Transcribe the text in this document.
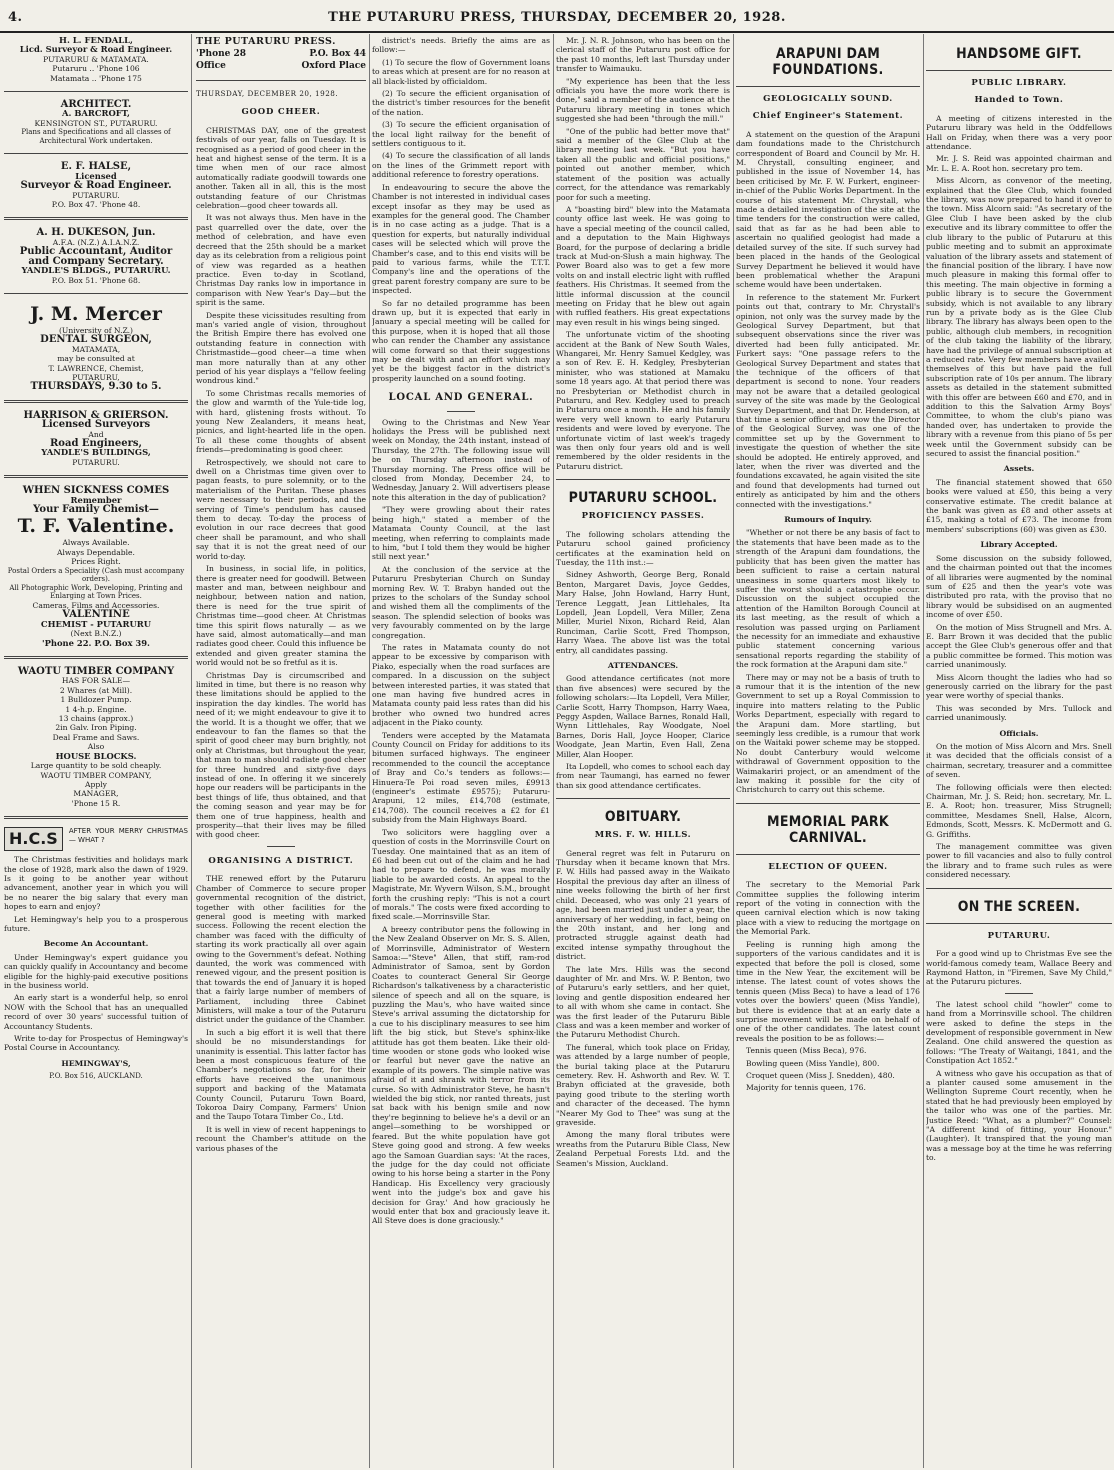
4.	THE PUTARURU PRESS, THURSDAY, DECEMBER 20, 1928.
H. L. FENDALL,
Licd. Surveyor & Road Engineer.
PUTARURU & MATAMATA.
Putaruru .. 'Phone 106
Matamata .. 'Phone 175
ARCHITECT.
A. BARCROFT,
KENSINGTON ST., PUTARURU.
Plans and Specifications and all classes of Architectural Work undertaken.
E. F. HALSE,
Licensed
Surveyor & Road Engineer.
PUTARURU.
P.O. Box 47. 'Phone 48.
A. H. DUKESON, Jun.
A.F.A. (N.Z.) A.I.A.N.Z.
Public Accountant, Auditor
and Company Secretary.
YANDLE'S BLDGS., PUTARURU.
P.O. Box 51. 'Phone 68.
J. M. Mercer
(University of N.Z.)
DENTAL SURGEON,
MATAMATA,
may be consulted at
T. LAWRENCE, Chemist,
PUTARURU,
THURSDAYS, 9.30 to 5.
HARRISON & GRIERSON.
Licensed Surveyors
And
Road Engineers,
YANDLE'S BUILDINGS,
PUTARURU.
WHEN SICKNESS COMES
Remember
Your Family Chemist—
T. F. Valentine.
Always Available.
Always Dependable.
Prices Right.
Postal Orders a Speciality (Cash must accompany orders).
All Photographic Work, Developing, Printing and Enlarging at Town Prices.
Cameras, Films and Accessories.
VALENTINE
CHEMIST - PUTARURU
(Next B.N.Z.)
'Phone 22. P.O. Box 39.
WAOTU TIMBER COMPANY
HAS FOR SALE—
2 Whares (at Mill).
1 Bulldozer Pump.
1 4-h.p. Engine.
13 chains (approx.)
2in Galv. Iron Piping.
Deal Frame and Saws.
Also
HOUSE BLOCKS.
Large quantity to be sold cheaply.
WAOTU TIMBER COMPANY,
Apply
MANAGER,
'Phone 15 R.
H.C.S	AFTER YOUR MERRY CHRISTMAS— WHAT ?

The Christmas festivities and holidays mark the close of 1928, mark also the dawn of 1929. Is it going to be another year without advancement, another year in which you will be no nearer the big salary that every man hopes to earn and enjoy?

Let Hemingway's help you to a prosperous future.

Become An Accountant.

Under Hemingway's expert guidance you can quickly qualify in Accountancy and become eligible for the highly-paid executive positions in the business world.

An early start is a wonderful help, so enrol NOW with the School that has an unequalled record of over 30 years' successful tuition of Accountancy Students.

Write to-day for Prospectus of Hemingway's Postal Course in Accountancy.

HEMINGWAY'S,
P.O. Box 516, AUCKLAND.
THE PUTARURU PRESS.
'Phone 28	P.O. Box 44
Office	Oxford Place
THURSDAY, DECEMBER 20, 1928.
GOOD CHEER.

CHRISTMAS DAY, one of the greatest festivals of our year, falls on Tuesday. It is recognised as a period of good cheer in the heat and highest sense of the term. It is a time when men of our race almost automatically radiate goodwill towards one another. Taken all in all, this is the most outstanding feature of our Christmas celebration—good cheer towards all.

It was not always thus. Men have in the past quarrelled over the date, over the method of celebration, and have even decreed that the 25th should be a market day as its celebration from a religious point of view was regarded as a heathen practice. Even to-day in Scotland, Christmas Day ranks low in importance in comparison with New Year's Day—but the spirit is the same.

Despite these vicissitudes resulting from man's varied angle of vision, throughout the British Empire there has evolved one outstanding feature in connection with Christmastide—good cheer—a time when man more naturally than at any other period of his year displays a "fellow feeling wondrous kind."

To some Christmas recalls memories of the glow and warmth of the Yule-tide log, with hard, glistening frosts without. To young New Zealanders, it means heat, picnics, and light-hearted life in the open. To all these come thoughts of absent friends—predominating is good cheer.

Retrospectively, we should not care to dwell on a Christmas time given over to pagan feasts, to pure solemnity, or to the materialism of the Puritan. These phases were necessary to their periods, and the serving of Time's pendulum has caused them to decay. To-day the process of evolution in our race decrees that good cheer shall be paramount, and who shall say that it is not the great need of our world to-day.

In business, in social life, in politics, there is greater need for goodwill. Between master and man, between neighbour and neighbour, between nation and nation, there is need for the true spirit of Christmas time—good cheer. At Christmas time this spirit flows naturally — as we have said, almost automatically—and man radiates good cheer. Could this influence be extended and given greater stamina the world would not be so fretful as it is.

Christmas Day is circumscribed and limited in time, but there is no reason why these limitations should be applied to the inspiration the day kindles. The world has need of it; we might endeavour to give it to the world. It is a thought we offer, that we endeavour to fan the flames so that the spirit of good cheer may burn brightly, not only at Christmas, but throughout the year, that man to man should radiate good cheer for three hundred and sixty-five days instead of one. In offering it we sincerely hope our readers will be participants in the best things of life, thus obtained, and that the coming season and year may be for them one of true happiness, health and prosperity—that their lives may be filled with good cheer.

ORGANISING A DISTRICT.

THE renewed effort by the Putaruru Chamber of Commerce to secure proper governmental recognition of the district, together with other facilities for the general good is meeting with marked success. Following the recent election the chamber was faced with the difficulty of starting its work practically all over again owing to the Government's defeat. Nothing daunted, the work was commenced with renewed vigour, and the present position is that towards the end of January it is hoped that a fairly large number of members of Parliament, including three Cabinet Ministers, will make a tour of the Putaruru district under the guidance of the Chamber.

In such a big effort it is well that there should be no misunderstandings for unanimity is essential. This latter factor has been a most conspicuous feature of the Chamber's negotiations so far, for their efforts have received the unanimous support and backing of the Matamata County Council, Putaruru Town Board, Tokoroa Dairy Company, Farmers' Union and the Taupo Totara Timber Co., Ltd.

It is well in view of recent happenings to recount the Chamber's attitude on the various phases of the

district's needs. Briefly the aims are as follow:—

(1) To secure the flow of Government loans to areas which at present are for no reason at all black-listed by officialdom.

(2) To secure the efficient organisation of the district's timber resources for the benefit of the nation.

(3) To secure the efficient organisation of the local light railway for the benefit of settlers contiguous to it.

(4) To secure the classification of all lands on the lines of the Grimmett report with additional reference to forestry operations.

In endeavouring to secure the above the Chamber is not interested in individual cases except insofar as they may be used as examples for the general good. The Chamber is in no case acting as a judge. That is a question for experts, but naturally individual cases will be selected which will prove the Chamber's case, and to this end visits will be paid to various farms, while the T.T.T. Company's line and the operations of the great parent forestry company are sure to be inspected.

So far no detailed programme has been drawn up, but it is expected that early in January a special meeting will be called for this purpose, when it is hoped that all those who can render the Chamber any assistance will come forward so that their suggestions may be dealt with and an effort which may yet be the biggest factor in the district's prosperity launched on a sound footing.

LOCAL AND GENERAL.

Owing to the Christmas and New Year holidays the Press will be published next week on Monday, the 24th instant, instead of Thursday, the 27th. The following issue will be on Thursday afternoon instead of Thursday morning. The Press office will be closed from Monday, December 24, to Wednesday, January 2. Will advertisers please note this alteration in the day of publication?

"They were growling about their rates being high," stated a member of the Matamata County Council, at the last meeting, when referring to complaints made to him, "but I told them they would be higher still next year."

At the conclusion of the service at the Putaruru Presbyterian Church on Sunday morning Rev. W. T. Brabyn handed out the prizes to the scholars of the Sunday school and wished them all the compliments of the season. The splendid selection of books was very favourably commented on by the large congregation.

The rates in Matamata county do not appear to be excessive by comparison with Piako, especially when the road surfaces are compared. In a discussion on the subject between interested parties, it was stated that one man having five hundred acres in Matamata county paid less rates than did his brother who owned two hundred acres adjacent in the Piako county.

Tenders were accepted by the Matamata County Council on Friday for additions to its bitumen surfaced highways. The engineer recommended to the council the acceptance of Bray and Co.'s tenders as follows:—Hinuera-Te Poi road seven miles, £9913 (engineer's estimate £9575); Putaruru-Arapuni, 12 miles, £14,708 (estimate, £14,708). The council receives a £2 for £1 subsidy from the Main Highways Board.

Two solicitors were haggling over a question of costs in the Morrinsville Court on Tuesday. One maintained that as an item of £6 had been cut out of the claim and he had had to prepare to defend, he was morally liable to be awarded costs. An appeal to the Magistrate, Mr. Wyvern Wilson, S.M., brought forth the crushing reply: "This is not a court of morals." The costs were fixed according to fixed scale.—Morrinsville Star.

A breezy contributor pens the following in the New Zealand Observer on Mr. S. S. Allen, of Morrinsville, Administrator of Western Samoa:—"Steve" Allen, that stiff, ram-rod Administrator of Samoa, sent by Gordon Coates to counteract General Sir George Richardson's talkativeness by a characteristic silence of speech and all on the square, is puzzling the Mau's, who have waited since Steve's arrival assuming the dictatorship for a cue to his disciplinary measures to see him lift the big stick, but Steve's sphinx-like attitude has got them beaten. Like their old-time wooden or stone gods who looked wise or fearful but never gave the native an example of its powers. The simple native was afraid of it and shrank with terror from its curse. So with Administrator Steve, he hasn't wielded the big stick, nor ranted threats, just sat back with his benign smile and now they're beginning to believe he's a devil or an angel—something to be worshipped or feared. But the white population have got Steve going good and strong. A few weeks ago the Samoan Guardian says: 'At the races, the judge for the day could not officiate owing to his horse being a starter in the Pony Handicap. His Excellency very graciously went into the judge's box and gave his decision for Gray.' And how graciously he would enter that box and graciously leave it. All Steve does is done graciously."

Mr. J. N. R. Johnson, who has been on the clerical staff of the Putaruru post office for the past 10 months, left last Thursday under transfer to Waimauku.

"My experience has been that the less officials you have the more work there is done," said a member of the audience at the Putaruru library meeting in tones which suggested she had been "through the mill."

"One of the public had better move that" said a member of the Glee Club at the library meeting last week. "But you have taken all the public and official positions," pointed out another member, which statement of the position was actually correct, for the attendance was remarkably poor for such a meeting.

A "boasting bird" blew into the Matamata county office last week. He was going to have a special meeting of the council called, and a deputation to the Main Highways Board, for the purpose of declaring a bridle track at Mud-on-Slush a main highway. The Power Board also was to get a few more volts on and install electric light with ruffled feathers. His Christmas. It seemed from the little informal discussion at the council meeting on Friday that he blew out again with ruffled feathers. His great expectations may even result in his wings being singed.

The unfortunate victim of the shooting accident at the Bank of New South Wales, Whangarei, Mr. Henry Samuel Kedgley, was a son of Rev. E. H. Kedgley, Presbyterian minister, who was stationed at Mamaku some 18 years ago. At that period there was no Presbyterian or Methodist church in Putaruru, and Rev. Kedgley used to preach in Putaruru once a month. He and his family were very well known to early Putaruru residents and were loved by everyone. The unfortunate victim of last week's tragedy was then only four years old and is well remembered by the older residents in the Putaruru district.

PUTARURU SCHOOL.
PROFICIENCY PASSES.

The following scholars attending the Putaruru school gained proficiency certificates at the examination held on Tuesday, the 11th inst.:—

Sidney Ashworth, George Berg, Ronald Benton, Margaret Davis, Joyce Geddes, Mary Halse, John Howland, Harry Hunt, Terence Leggatt, Jean Littlehales, Ita Lopdell, Jean Lopdell, Vera Miller, Zena Miller, Muriel Nixon, Richard Reid, Alan Runciman, Carlie Scott, Fred Thompson, Harry Waea. The above list was the total entry, all candidates passing.

ATTENDANCES.

Good attendance certificates (not more than five absences) were secured by the following scholars:—Ita Lopdell, Vera Miller, Carlie Scott, Harry Thompson, Harry Waea, Peggy Aspden, Wallace Barnes, Ronald Hall, Wynn Littlehales, Ray Woodgate, Noel Barnes, Doris Hall, Joyce Hooper, Clarice Woodgate, Jean Martin, Even Hall, Zena Miller, Alan Hooper.

Ita Lopdell, who comes to school each day from near Taumangi, has earned no fewer than six good attendance certificates.

OBITUARY.
MRS. F. W. HILLS.

General regret was felt in Putaruru on Thursday when it became known that Mrs. F. W. Hills had passed away in the Waikato Hospital the previous day after an illness of nine weeks following the birth of her first child. Deceased, who was only 21 years of age, had been married just under a year, the anniversary of her wedding, in fact, being on the 20th instant, and her long and protracted struggle against death had excited intense sympathy throughout the district.

The late Mrs. Hills was the second daughter of Mr. and Mrs. W. P. Benton, two of Putaruru's early settlers, and her quiet, loving and gentle disposition endeared her to all with whom she came in contact. She was the first leader of the Putaruru Bible Class and was a keen member and worker of the Putaruru Methodist Church.

The funeral, which took place on Friday, was attended by a large number of people, the burial taking place at the Putaruru cemetery. Rev. H. Ashworth and Rev. W. T. Brabyn officiated at the graveside, both paying good tribute to the sterling worth and character of the deceased. The hymn "Nearer My God to Thee" was sung at the graveside.

Among the many floral tributes were wreaths from the Putaruru Bible Class, New Zealand Perpetual Forests Ltd. and the Seamen's Mission, Auckland.

ARAPUNI DAM FOUNDATIONS.
GEOLOGICALLY SOUND.
Chief Engineer's Statement.

A statement on the question of the Arapuni dam foundations made to the Christchurch correspondent of Board and Council by Mr. H. M. Chrystall, consulting engineer, and published in the issue of November 14, has been criticised by Mr. F. W. Furkert, engineer-in-chief of the Public Works Department. In the course of his statement Mr. Chrystall, who made a detailed investigation of the site at the time tenders for the construction were called, said that as far as he had been able to ascertain no qualified geologist had made a detailed survey of the site. If such survey had been placed in the hands of the Geological Survey Department he believed it would have been problematical whether the Arapuni scheme would have been undertaken.

In reference to the statement Mr. Furkert points out that, contrary to Mr. Chrystall's opinion, not only was the survey made by the Geological Survey Department, but that subsequent observations since the river was diverted had been fully anticipated. Mr. Furkert says: "One passage refers to the Geological Survey Department and states that the technique of the officers of that department is second to none. Your readers may not be aware that a detailed geological survey of the site was made by the Geological Survey Department, and that Dr. Henderson, at that time a senior officer and now the Director of the Geological Survey, was one of the committee set up by the Government to investigate the question of whether the site should be adopted. He entirely approved, and later, when the river was diverted and the foundations excavated, he again visited the site and found that developments had turned out entirely as anticipated by him and the others connected with the investigations."

Rumours of Inquiry.

"Whether or not there be any basis of fact to the statements that have been made as to the strength of the Arapuni dam foundations, the publicity that has been given the matter has been sufficient to raise a certain natural uneasiness in some quarters most likely to suffer the worst should a catastrophe occur. Discussion on the subject occupied the attention of the Hamilton Borough Council at its last meeting, as the result of which a resolution was passed urging on Parliament the necessity for an immediate and exhaustive public statement concerning various sensational reports regarding the stability of the rock formation at the Arapuni dam site."

There may or may not be a basis of truth to a rumour that it is the intention of the new Government to set up a Royal Commission to inquire into matters relating to the Public Works Department, especially with regard to the Arapuni dam. More startling, but seemingly less credible, is a rumour that work on the Waitaki power scheme may be stopped. No doubt Canterbury would welcome withdrawal of Government opposition to the Waimakariri project, or an amendment of the law making it possible for the city of Christchurch to carry out this scheme.

MEMORIAL PARK CARNIVAL.
ELECTION OF QUEEN.

The secretary to the Memorial Park Committee supplies the following interim report of the voting in connection with the queen carnival election which is now taking place with a view to reducing the mortgage on the Memorial Park.

Feeling is running high among the supporters of the various candidates and it is expected that before the poll is closed, some time in the New Year, the excitement will be intense. The latest count of votes shows the tennis queen (Miss Beca) to have a lead of 176 votes over the bowlers' queen (Miss Yandle), but there is evidence that at an early date a surprise movement will be made on behalf of one of the other candidates. The latest count reveals the position to be as follows:—

Tennis queen (Miss Beca), 976.

Bowling queen (Miss Yandle), 800.

Croquet queen (Miss J. Snedden), 480.

Majority for tennis queen, 176.

HANDSOME GIFT.
PUBLIC LIBRARY.
Handed to Town.

A meeting of citizens interested in the Putaruru library was held in the Oddfellows Hall on Friday, when there was a very poor attendance.

Mr. J. S. Reid was appointed chairman and Mr. L. E. A. Root hon. secretary pro tem.

Miss Alcorn, as convenor of the meeting, explained that the Glee Club, which founded the library, was now prepared to hand it over to the town. Miss Alcorn said: "As secretary of the Glee Club I have been asked by the club executive and its library committee to offer the club library to the public of Putaruru at this public meeting and to submit an approximate valuation of the library assets and statement of the financial position of the library. I have now much pleasure in making this formal offer to this meeting. The main objective in forming a public library is to secure the Government subsidy, which is not available to any library run by a private body as is the Glee Club library. The library has always been open to the public, although club members, in recognition of the club taking the liability of the library, have had the privilege of annual subscription at a reduced rate. Very few members have availed themselves of this but have paid the full subscription rate of 10s per annum. The library assets as detailed in the statement submitted with this offer are between £60 and £70, and in addition to this the Salvation Army Boys' Committee, to whom the club's piano was handed over, has undertaken to provide the library with a revenue from this piano of 5s per week until the Government subsidy can be secured to assist the financial position."

Assets.

The financial statement showed that 650 books were valued at £50, this being a very conservative estimate. The credit balance at the bank was given as £8 and other assets at £15, making a total of £73. The income from members' subscriptions (60) was given as £30.

Library Accepted.

Some discussion on the subsidy followed, and the chairman pointed out that the incomes of all libraries were augmented by the nominal sum of £25 and then the year's vote was distributed pro rata, with the proviso that no library would be subsidised on an augmented income of over £50.

On the motion of Miss Strugnell and Mrs. A. E. Barr Brown it was decided that the public accept the Glee Club's generous offer and that a public committee be formed. This motion was carried unanimously.

Miss Alcorn thought the ladies who had so generously carried on the library for the past year were worthy of special thanks.

This was seconded by Mrs. Tullock and carried unanimously.

Officials.

On the motion of Miss Alcorn and Mrs. Snell it was decided that the officials consist of a chairman, secretary, treasurer and a committee of seven.

The following officials were then elected: Chairman, Mr. J. S. Reid; hon. secretary, Mr. L. E. A. Root; hon. treasurer, Miss Strugnell; committee, Mesdames Snell, Halse, Alcorn, Edmonds, Scott, Messrs. K. McDermott and G. G. Griffiths.

The management committee was given power to fill vacancies and also to fully control the library and to frame such rules as were considered necessary.

ON THE SCREEN.
PUTARURU.

For a good wind up to Christmas Eve see the world-famous comedy team, Wallace Beery and Raymond Hatton, in "Firemen, Save My Child," at the Putaruru pictures.

The latest school child "howler" come to hand from a Morrinsville school. The children were asked to define the steps in the development of responsible government in New Zealand. One child answered the question as follows: "The Treaty of Waitangi, 1841, and the Constipation Act 1852."

A witness who gave his occupation as that of a planter caused some amusement in the Wellington Supreme Court recently, when he stated that he had previously been employed by the tailor who was one of the parties. Mr. Justice Reed: "What, as a plumber?" Counsel: "A different kind of fitting, your Honour." (Laughter). It transpired that the young man was a message boy at the time he was referring to.
